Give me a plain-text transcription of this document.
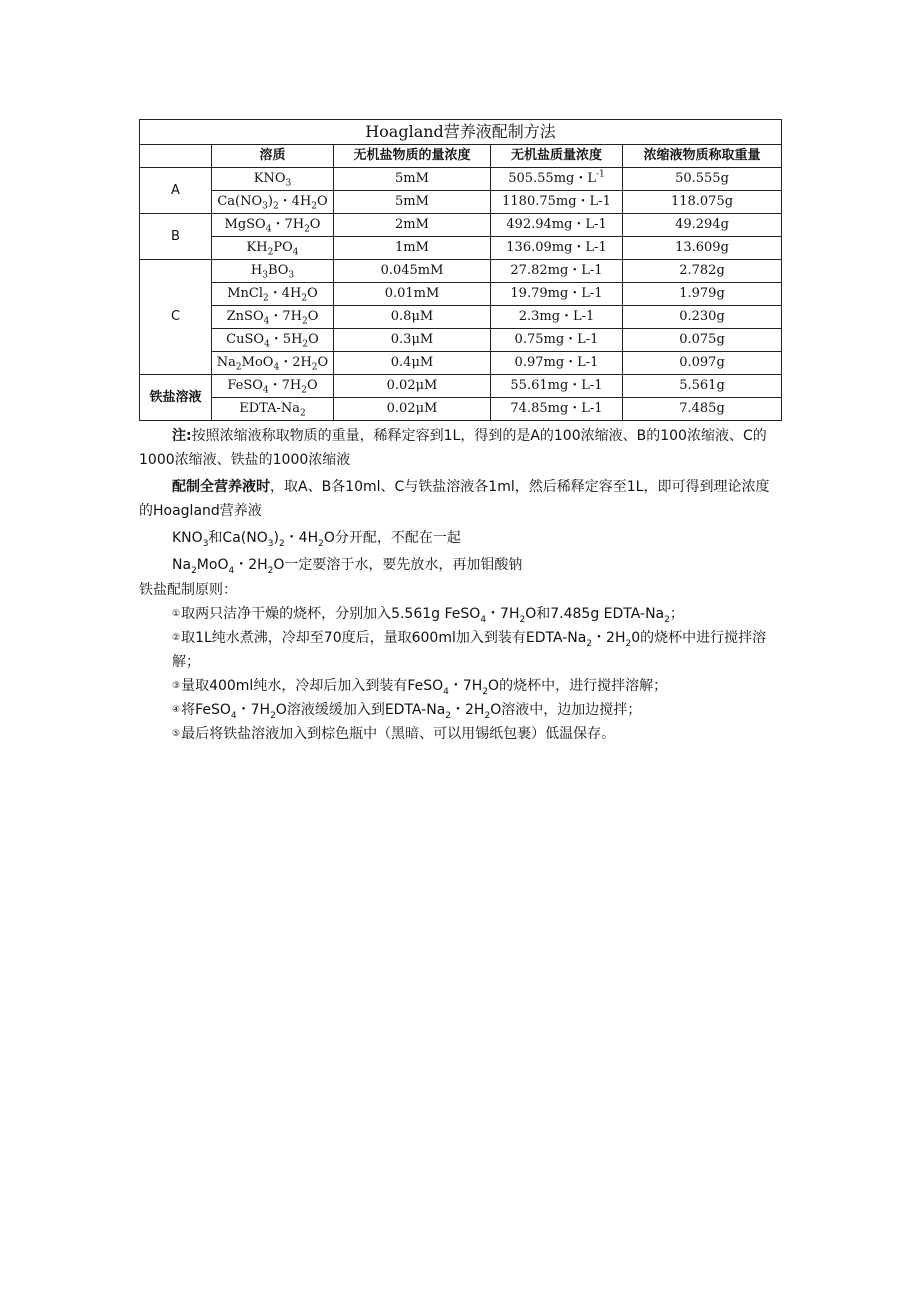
Hoagland营养液配制方法				
	溶质	无机盐物质的量浓度	无机盐质量浓度	浓缩液物质称取重量
A	$KNO_3$	5mM	505.55mg・$L^{-1}$	50.555g
	$Ca(NO_3)_2$・$4H_2O$	5mM	1180.75mg・L-1	118.075g
B	MgSO$_4$・$7H_2O$	2mM	492.94mg・L-1	49.294g
	$KH_2PO_4$	1mM	136.09mg・L-1	13.609g
C	$H_3BO_3$	0.045mM	27.82mg・L-1	2.782g
	MnCl$_2$・$4H_2O$	0.01mM	19.79mg・L-1	1.979g
	ZnSO$_4$・$7H_2O$	0.8μM	2.3mg・L-1	0.230g
	CuSO$_4$・$5H_2O$	0.3μM	0.75mg・L-1	0.075g
	$Na_2MoO_4$・$2H_2O$	0.4μM	0.97mg・L-1	0.097g
铁盐溶液	FeSO$_4$・$7H_2O$	0.02μM	55.61mg・L-1	5.561g
	EDTA-$Na_2$	0.02μM	74.85mg・L-1	7.485g

注:按照浓缩液称取物质的重量，稀释定容到1L，得到的是A的100浓缩液、B的100浓缩液、C的1000浓缩液、铁盐的1000浓缩液

配制全营养液时，取A、B各10ml、C与铁盐溶液各1ml，然后稀释定容至1L，即可得到理论浓度的Hoagland营养液

$KNO_3$和$Ca(NO_3)_2$・$4H_2O$分开配，不配在一起

$Na_2MoO_4$・$2H_2O$一定要溶于水，要先放水，再加钼酸钠

铁盐配制原则：

①取两只洁净干燥的烧杯，分别加入5.561g FeSO$_4$・$7H_2O$和7.485g EDTA-$Na_2$；

②取1L纯水煮沸，冷却至70度后，量取600ml加入到装有EDTA-$Na_2$・$2H_20$的烧杯中进行搅拌溶解；

③量取400ml纯水，冷却后加入到装有FeSO$_4$・$7H_2O$的烧杯中，进行搅拌溶解；

④将FeSO$_4$・$7H_2O$溶液缓缓加入到EDTA-$Na_2$・$2H_2O$溶液中，边加边搅拌；

⑤最后将铁盐溶液加入到棕色瓶中（黑暗、可以用锡纸包裹）低温保存。
